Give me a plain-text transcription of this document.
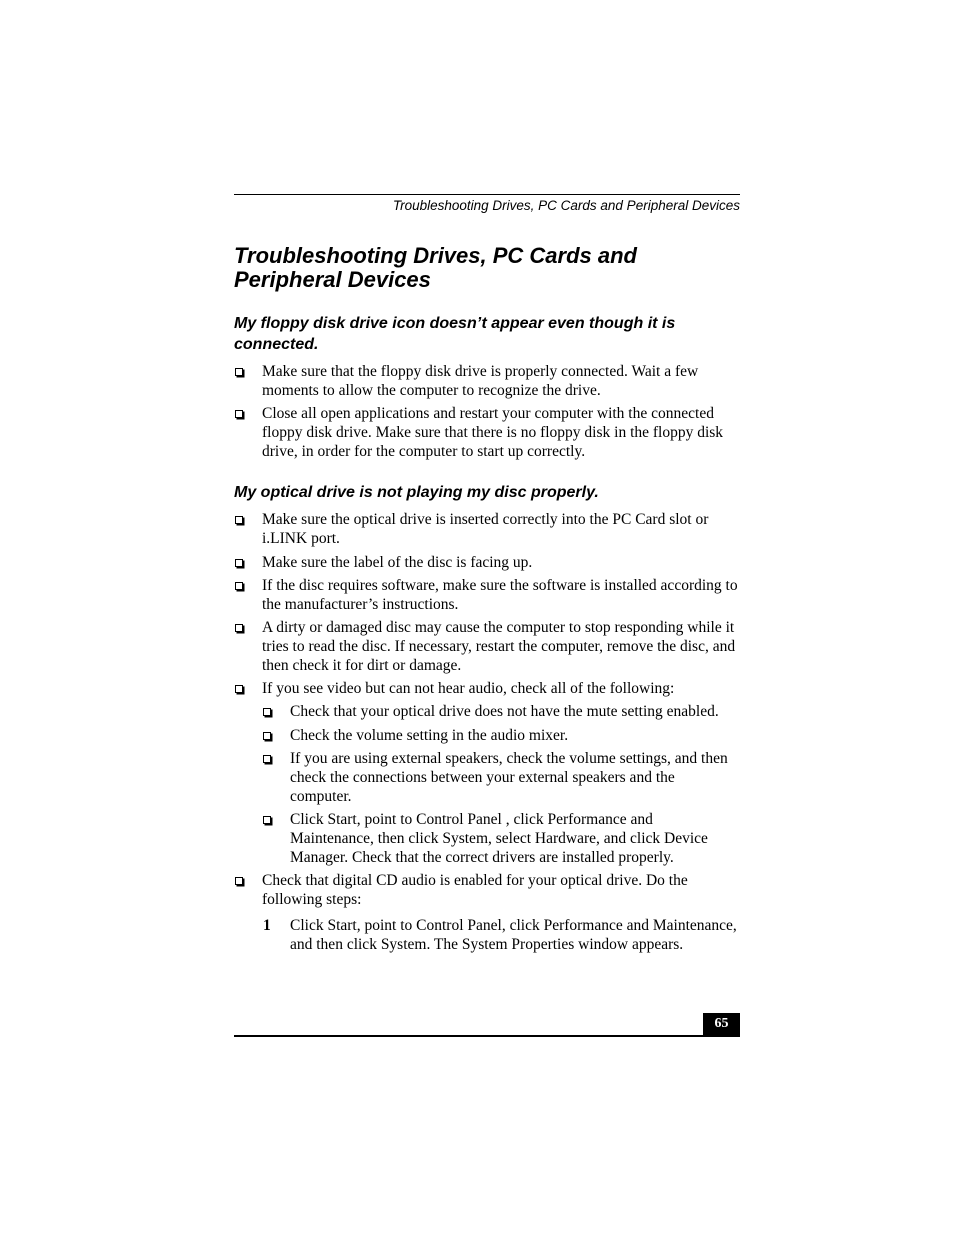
Troubleshooting Drives, PC Cards and Peripheral Devices
Troubleshooting Drives, PC Cards and Peripheral Devices
My floppy disk drive icon doesn’t appear even though it is connected.
Make sure that the floppy disk drive is properly connected. Wait a few moments to allow the computer to recognize the drive.
Close all open applications and restart your computer with the connected floppy disk drive. Make sure that there is no floppy disk in the floppy disk drive, in order for the computer to start up correctly.
My optical drive is not playing my disc properly.
Make sure the optical drive is inserted correctly into the PC Card slot or i.LINK port.
Make sure the label of the disc is facing up.
If the disc requires software, make sure the software is installed according to the manufacturer’s instructions.
A dirty or damaged disc may cause the computer to stop responding while it tries to read the disc. If necessary, restart the computer, remove the disc, and then check it for dirt or damage.
If you see video but can not hear audio, check all of the following:
Check that your optical drive does not have the mute setting enabled.
Check the volume setting in the audio mixer.
If you are using external speakers, check the volume settings, and then check the connections between your external speakers and the computer.
Click Start, point to Control Panel , click Performance and Maintenance, then click System, select Hardware, and click Device Manager. Check that the correct drivers are installed properly.
Check that digital CD audio is enabled for your optical drive. Do the following steps:
1 Click Start, point to Control Panel, click Performance and Maintenance, and then click System. The System Properties window appears.
65
